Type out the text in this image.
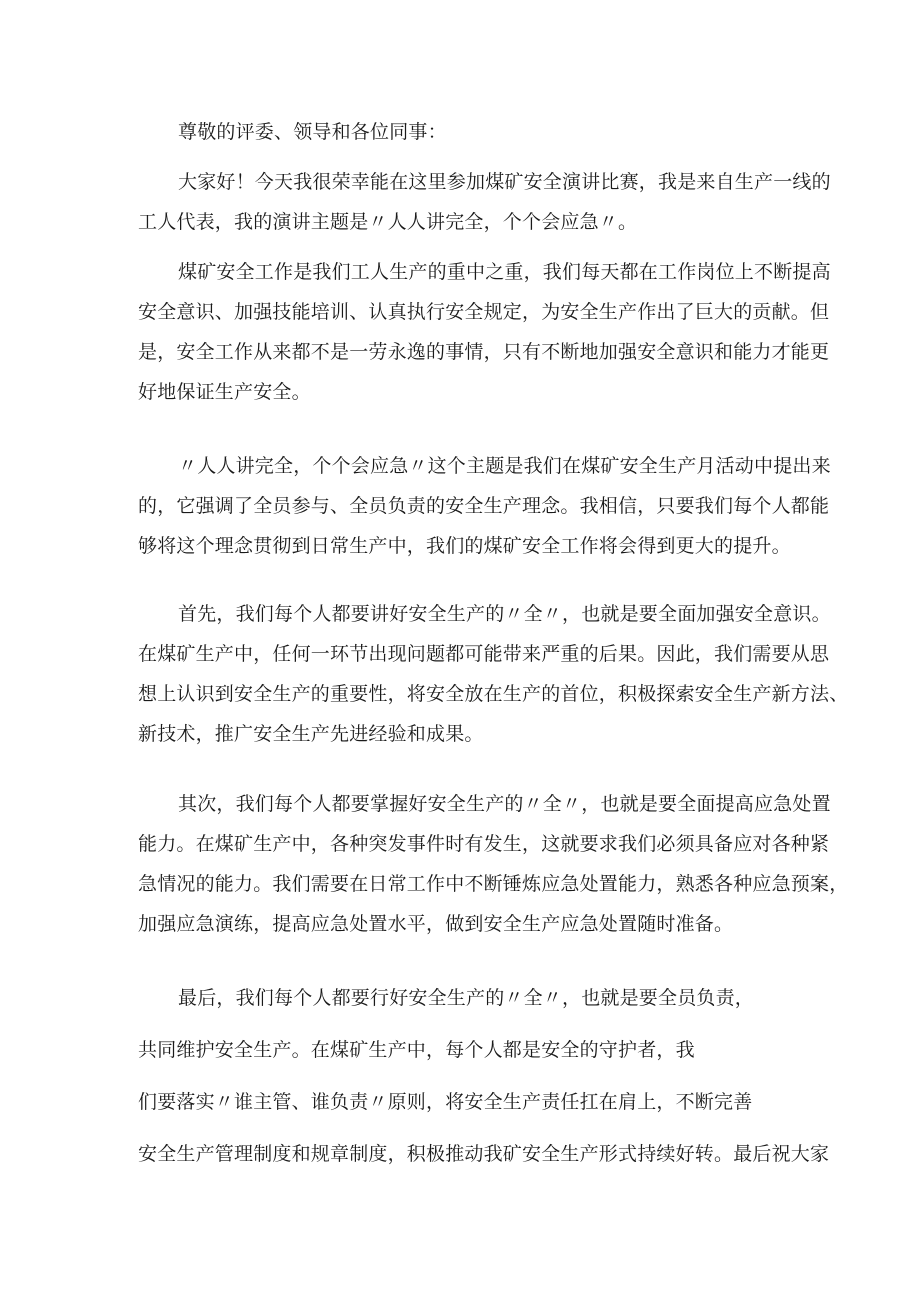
尊敬的评委、领导和各位同事：
大家好！今天我很荣幸能在这里参加煤矿安全演讲比赛，我是来自生产一线的
工人代表，我的演讲主题是〃人人讲完全，个个会应急〃。
煤矿安全工作是我们工人生产的重中之重，我们每天都在工作岗位上不断提高
安全意识、加强技能培训、认真执行安全规定，为安全生产作出了巨大的贡献。但
是，安全工作从来都不是一劳永逸的事情，只有不断地加强安全意识和能力才能更
好地保证生产安全。
〃人人讲完全，个个会应急〃这个主题是我们在煤矿安全生产月活动中提出来
的，它强调了全员参与、全员负责的安全生产理念。我相信，只要我们每个人都能
够将这个理念贯彻到日常生产中，我们的煤矿安全工作将会得到更大的提升。
首先，我们每个人都要讲好安全生产的〃全〃，也就是要全面加强安全意识。
在煤矿生产中，任何一环节出现问题都可能带来严重的后果。因此，我们需要从思
想上认识到安全生产的重要性，将安全放在生产的首位，积极探索安全生产新方法、
新技术，推广安全生产先进经验和成果。
其次，我们每个人都要掌握好安全生产的〃全〃，也就是要全面提高应急处置
能力。在煤矿生产中，各种突发事件时有发生，这就要求我们必须具备应对各种紧
急情况的能力。我们需要在日常工作中不断锤炼应急处置能力，熟悉各种应急预案，
加强应急演练，提高应急处置水平，做到安全生产应急处置随时准备。
最后，我们每个人都要行好安全生产的〃全〃，也就是要全员负责，
共同维护安全生产。在煤矿生产中，每个人都是安全的守护者，我
们要落实〃谁主管、谁负责〃原则，将安全生产责任扛在肩上，不断完善
安全生产管理制度和规章制度，积极推动我矿安全生产形式持续好转。最后祝大家
